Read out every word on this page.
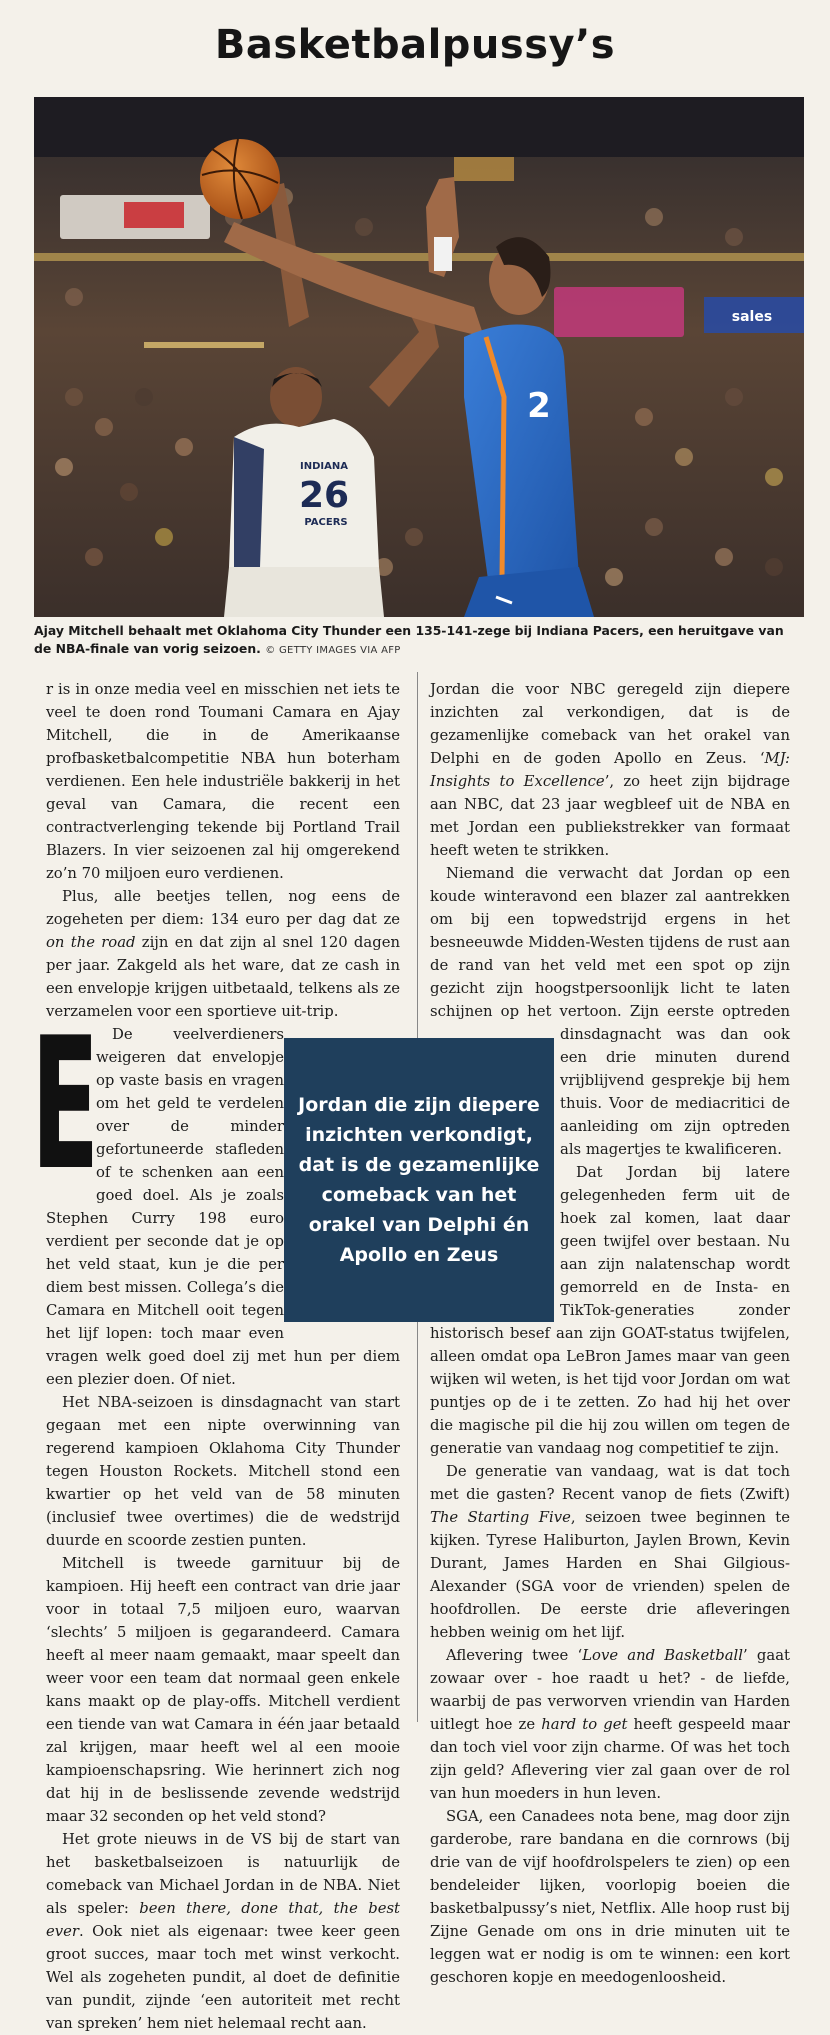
Basketbalpussy’s
26
INDIANA
PACERS
2
sales
Ajay Mitchell behaalt met Oklahoma City Thunder een 135-141-zege bij Indiana Pacers, een heruitgave van de NBA-finale van vorig seizoen. © GETTY IMAGES VIA AFP
E

r is in onze media veel en misschien net iets te veel te doen rond Toumani Camara en Ajay Mitchell, die in de Amerikaanse profbasketbalcompetitie NBA hun boterham verdienen. Een hele industriële bakkerij in het geval van Camara, die recent een contractverlenging tekende bij Portland Trail Blazers. In vier seizoenen zal hij omgerekend zo’n 70 miljoen euro verdienen.

Plus, alle beetjes tellen, nog eens de zogeheten per diem: 134 euro per dag dat ze on the road zijn en dat zijn al snel 120 dagen per jaar. Zakgeld als het ware, dat ze cash in een envelopje krijgen uitbetaald, telkens als ze verzamelen voor een sportieve uit-trip.

De veelverdieners weigeren dat envelopje op vaste basis en vragen om het geld te verdelen over de minder gefortuneerde stafleden of te schenken aan een goed doel. Als je zoals Stephen Curry 198 euro verdient per seconde dat je op het veld staat, kun je die per diem best missen. Collega’s die Camara en Mitchell ooit tegen het lijf lopen: toch maar even vragen welk goed doel zij met hun per diem een plezier doen. Of niet.

Het NBA-seizoen is dinsdagnacht van start gegaan met een nipte overwinning van regerend kampioen Oklahoma City Thunder tegen Houston Rockets. Mitchell stond een kwartier op het veld van de 58 minuten (inclusief twee overtimes) die de wedstrijd duurde en scoorde zestien punten.

Mitchell is tweede garnituur bij de kampioen. Hij heeft een contract van drie jaar voor in totaal 7,5 miljoen euro, waarvan ‘slechts’ 5 miljoen is gegarandeerd. Camara heeft al meer naam gemaakt, maar speelt dan weer voor een team dat normaal geen enkele kans maakt op de play-offs. Mitchell verdient een tiende van wat Camara in één jaar betaald zal krijgen, maar heeft wel al een mooie kampioenschapsring. Wie herinnert zich nog dat hij in de beslissende zevende wedstrijd maar 32 seconden op het veld stond?

Het grote nieuws in de VS bij de start van het basketbalseizoen is natuurlijk de comeback van Michael Jordan in de NBA. Niet als speler: been there, done that, the best ever. Ook niet als eigenaar: twee keer geen groot succes, maar toch met winst verkocht. Wel als zogeheten pundit, al doet de definitie van pundit, zijnde ‘een autoriteit met recht van spreken’ hem niet helemaal recht aan.

Jordan die voor NBC geregeld zijn diepere inzichten zal verkondigen, dat is de gezamenlijke comeback van het orakel van Delphi en de goden Apollo en Zeus. ‘MJ: Insights to Excellence’, zo heet zijn bijdrage aan NBC, dat 23 jaar wegbleef uit de NBA en met Jordan een publiekstrekker van formaat heeft weten te strikken.

Niemand die verwacht dat Jordan op een koude winteravond een blazer zal aantrekken om bij een topwedstrijd ergens in het besneeuwde Midden-Westen tijdens de rust aan de rand van het veld met een spot op zijn gezicht zijn hoogstpersoonlijk licht te laten schijnen op het vertoon. Zijn eerste optreden dinsdagnacht was dan ook een drie minuten durend vrijblijvend gesprekje bij hem thuis. Voor de mediacritici de aanleiding om zijn optreden als magertjes te kwalificeren.

Dat Jordan bij latere gelegenheden ferm uit de hoek zal komen, laat daar geen twijfel over bestaan. Nu aan zijn nalatenschap wordt gemorreld en de Insta- en TikTok-generaties zonder historisch besef aan zijn GOAT-status twijfelen, alleen omdat opa LeBron James maar van geen wijken wil weten, is het tijd voor Jordan om wat puntjes op de i te zetten. Zo had hij het over die magische pil die hij zou willen om tegen de generatie van vandaag nog competitief te zijn.

De generatie van vandaag, wat is dat toch met die gasten? Recent vanop de fiets (Zwift) The Starting Five, seizoen twee beginnen te kijken. Tyrese Haliburton, Jaylen Brown, Kevin Durant, James Harden en Shai Gilgious-Alexander (SGA voor de vrienden) spelen de hoofdrollen. De eerste drie afleveringen hebben weinig om het lijf.

Aflevering twee ‘Love and Basketball’ gaat zowaar over - hoe raadt u het? - de liefde, waarbij de pas verworven vriendin van Harden uitlegt hoe ze hard to get heeft gespeeld maar dan toch viel voor zijn charme. Of was het toch zijn geld? Aflevering vier zal gaan over de rol van hun moeders in hun leven.

SGA, een Canadees nota bene, mag door zijn garderobe, rare bandana en die cornrows (bij drie van de vijf hoofdrolspelers te zien) op een bendeleider lijken, voorlopig boeien die basketbalpussy’s niet, Netflix. Alle hoop rust bij Zijne Genade om ons in drie minuten uit te leggen wat er nodig is om te winnen: een kort geschoren kopje en meedogenloosheid.

Jordan die zijn diepere inzichten verkondigt, dat is de gezamenlijke comeback van het orakel van Delphi én Apollo en Zeus
